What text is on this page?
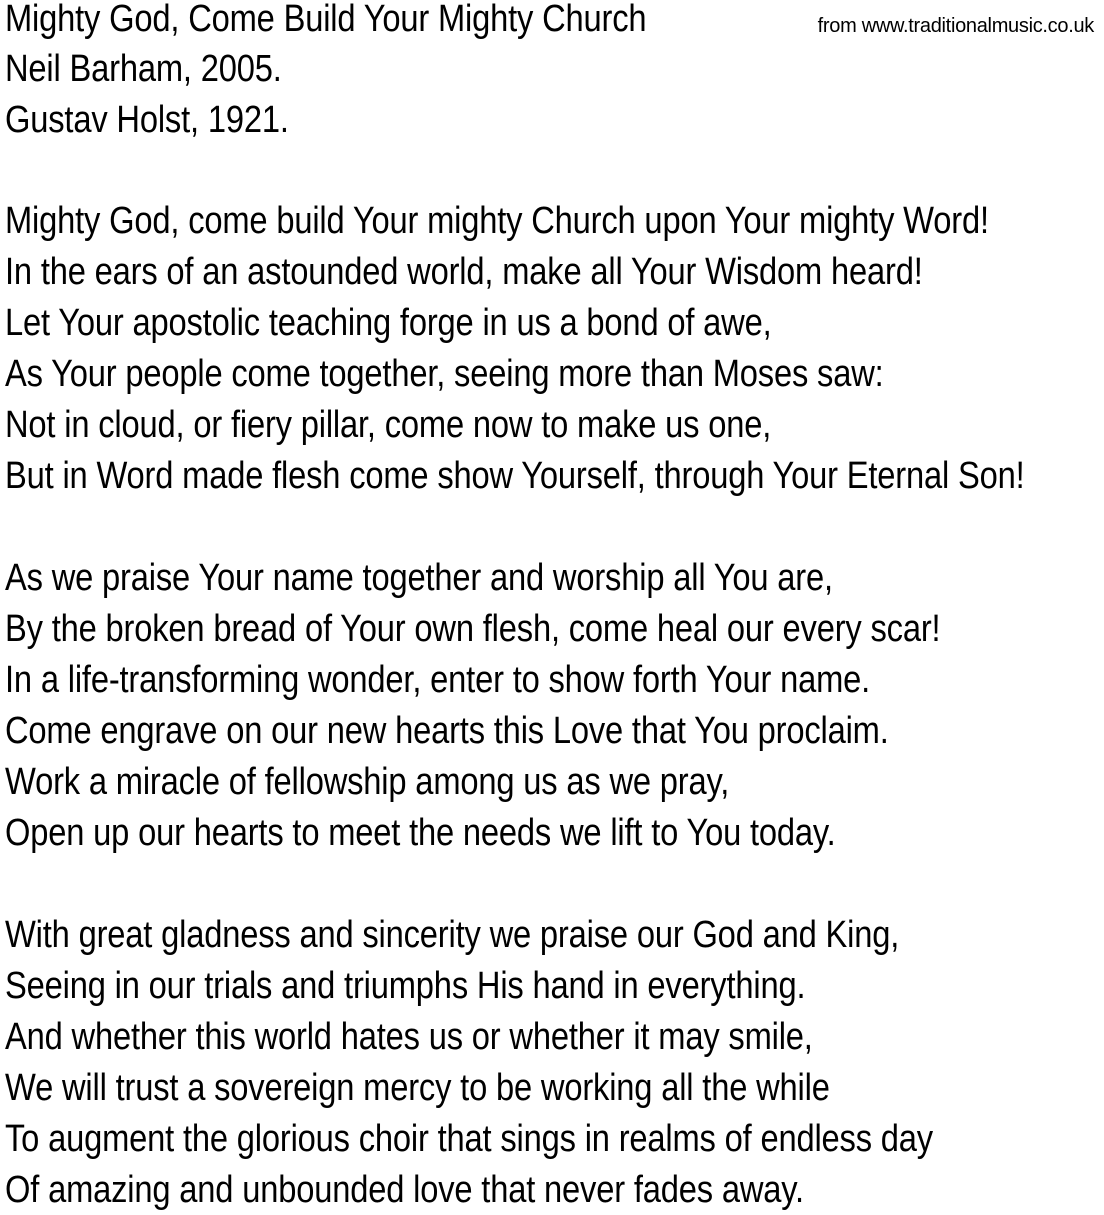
Mighty God, Come Build Your Mighty Church	from www.traditionalmusic.co.uk
Neil Barham, 2005.
Gustav Holst, 1921.
Mighty God, come build Your mighty Church upon Your mighty Word!
In the ears of an astounded world, make all Your Wisdom heard!
Let Your apostolic teaching forge in us a bond of awe,
As Your people come together, seeing more than Moses saw:
Not in cloud, or fiery pillar, come now to make us one,
But in Word made flesh come show Yourself, through Your Eternal Son!
As we praise Your name together and worship all You are,
By the broken bread of Your own flesh, come heal our every scar!
In a life-transforming wonder, enter to show forth Your name.
Come engrave on our new hearts this Love that You proclaim.
Work a miracle of fellowship among us as we pray,
Open up our hearts to meet the needs we lift to You today.
With great gladness and sincerity we praise our God and King,
Seeing in our trials and triumphs His hand in everything.
And whether this world hates us or whether it may smile,
We will trust a sovereign mercy to be working all the while
To augment the glorious choir that sings in realms of endless day
Of amazing and unbounded love that never fades away.
